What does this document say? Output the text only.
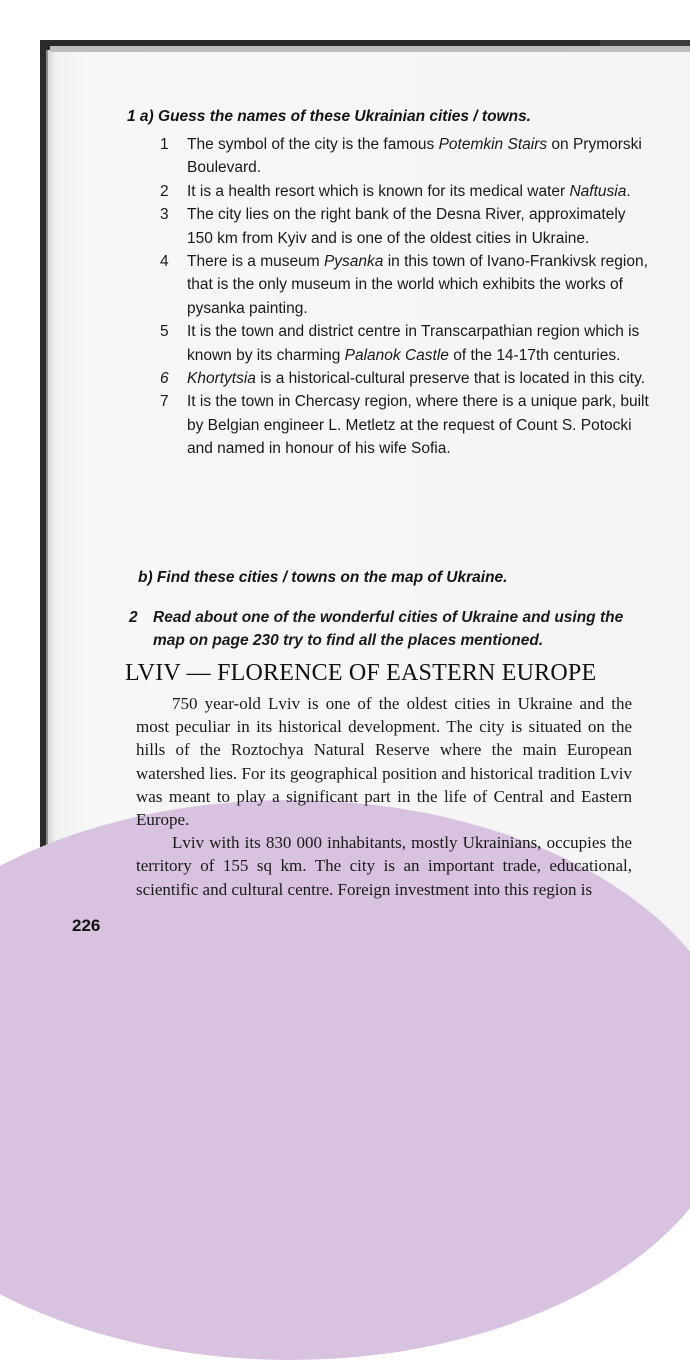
226
1 a) Guess the names of these Ukrainian cities / towns.
1	The symbol of the city is the famous Potemkin Stairs on Prymorski Boulevard.
2	It is a health resort which is known for its medical water Naftusia.
3	The city lies on the right bank of the Desna River, approximately 150 km from Kyiv and is one of the oldest cities in Ukraine.
4	There is a museum Pysanka in this town of Ivano-Frankivsk region, that is the only museum in the world which exhibits the works of pysanka painting.
5	It is the town and district centre in Transcarpathian region which is known by its charming Palanok Castle of the 14-17th centuries.
6	Khortytsia is a historical-cultural preserve that is located in this city.
7	It is the town in Chercasy region, where there is a unique park, built by Belgian engineer L. Metletz at the request of Count S. Potocki and named in honour of his wife Sofia.
b) Find these cities / towns on the map of Ukraine.
2 Read about one of the wonderful cities of Ukraine and using the map on page 230 try to find all the places mentioned.
LVIV — FLORENCE OF EASTERN EUROPE

750 year-old Lviv is one of the oldest cities in Ukraine and the most peculiar in its historical development. The city is situated on the hills of the Roztochya Natural Reserve where the main European watershed lies. For its geographical position and historical tradition Lviv was meant to play a significant part in the life of Central and Eastern Europe.

Lviv with its 830 000 inhabitants, mostly Ukrainians, occupies the territory of 155 sq km. The city is an important trade, educational, scientific and cultural centre. Foreign investment into this region is
